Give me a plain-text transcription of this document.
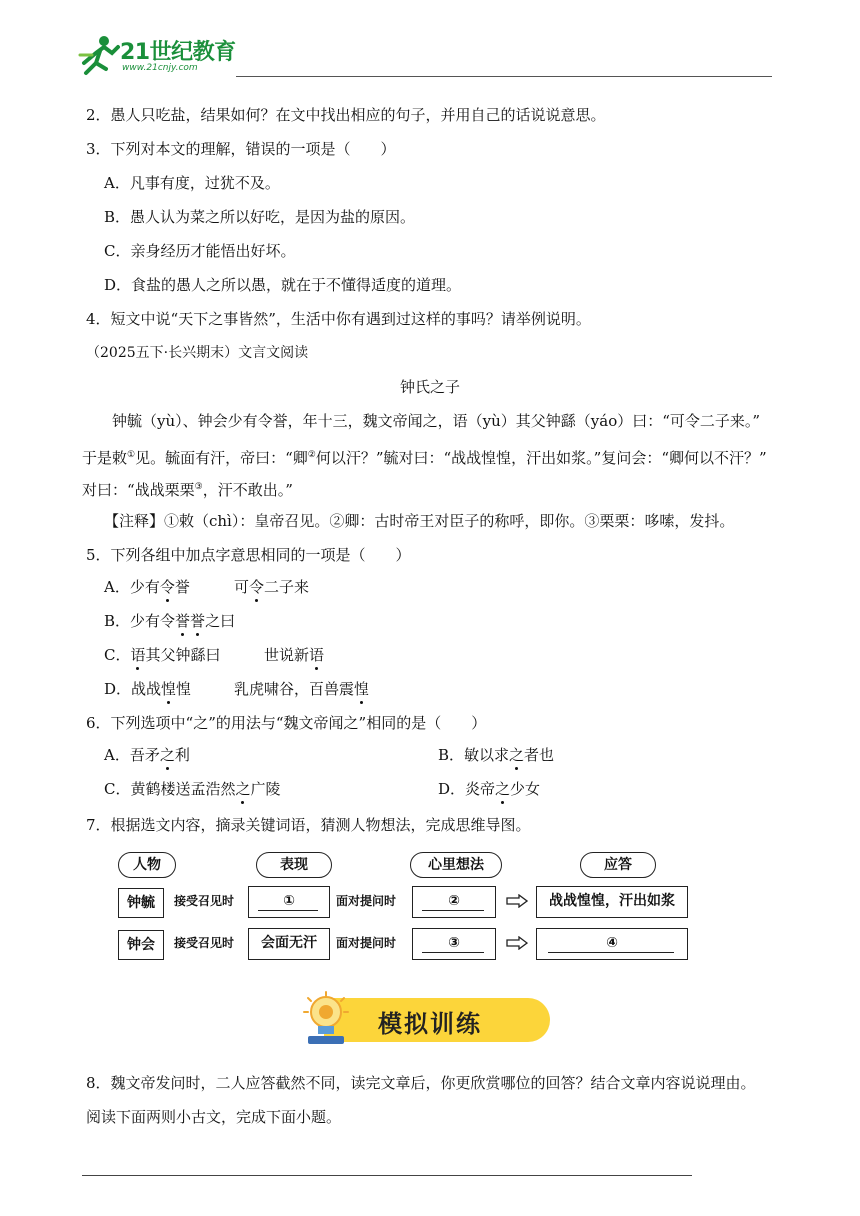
21世纪教育
www.21cnjy.com
2．愚人只吃盐，结果如何？在文中找出相应的句子，并用自己的话说说意思。
3．下列对本文的理解，错误的一项是（　　）
A．凡事有度，过犹不及。
B．愚人认为菜之所以好吃，是因为盐的原因。
C．亲身经历才能悟出好坏。
D．食盐的愚人之所以愚，就在于不懂得适度的道理。
4．短文中说“天下之事皆然”，生活中你有遇到过这样的事吗？请举例说明。
（2025五下·长兴期末）文言文阅读
钟氏之子
钟毓（yù）、钟会少有令誉，年十三，魏文帝闻之，语（yù）其父钟繇（yáo）曰：“可令二子来。”
于是敕①见。毓面有汗，帝曰：“卿②何以汗？”毓对曰：“战战惶惶，汗出如浆。”复问会：“卿何以不汗？”
对曰：“战战栗栗③，汗不敢出。”
【注释】①敕（chì）：皇帝召见。②卿：古时帝王对臣子的称呼，即你。③栗栗：哆嗦，发抖。
5．下列各组中加点字意思相同的一项是（　　）
A．少有令誉	可令二子来
B．少有令誉誉之曰
C．语其父钟繇曰	世说新语
D．战战惶惶	乳虎啸谷，百兽震惶
6．下列选项中“之”的用法与“魏文帝闻之”相同的是（　　）
A．吾矛之利	B．敏以求之者也
C．黄鹤楼送孟浩然之广陵	D．炎帝之少女
7．根据选文内容，摘录关键词语，猜测人物想法，完成思维导图。
人物	表现	心里想法	应答
钟毓	接受召见时	①	面对提问时	②	战战惶惶，汗出如浆
钟会	接受召见时	会面无汗	面对提问时	③	④
模拟训练
8．魏文帝发问时，二人应答截然不同，读完文章后，你更欣赏哪位的回答？结合文章内容说说理由。
阅读下面两则小古文，完成下面小题。
